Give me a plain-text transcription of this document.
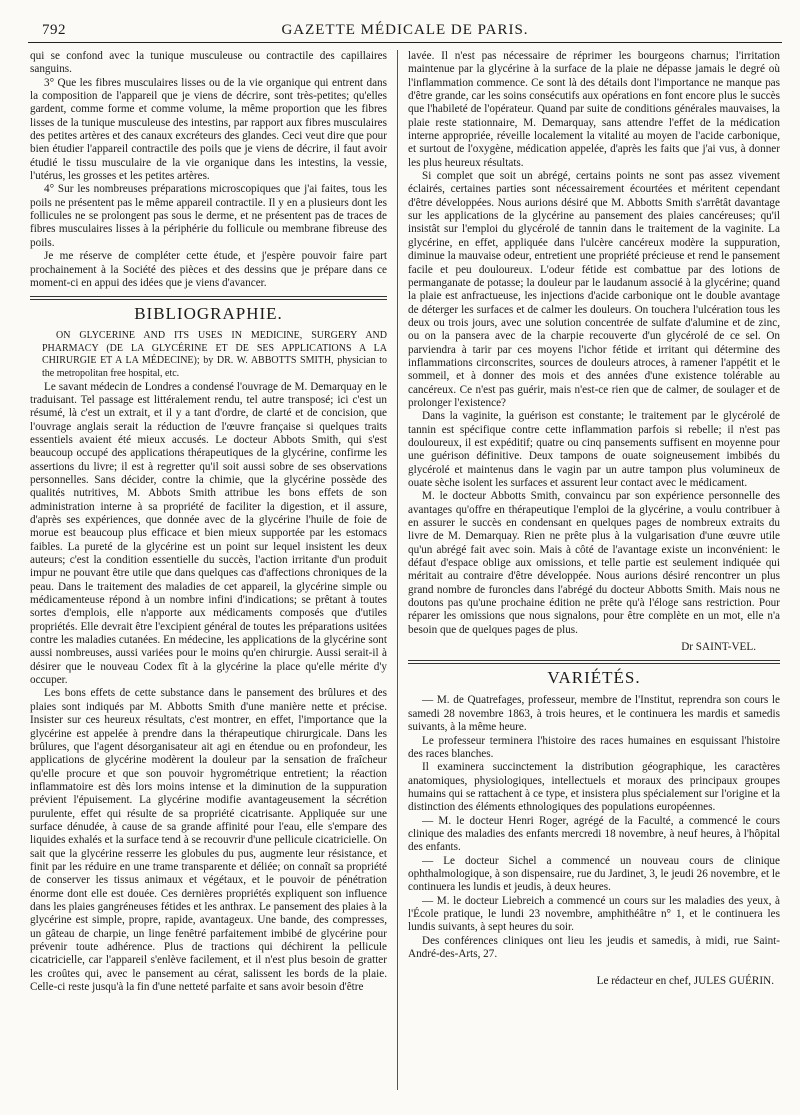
792	GAZETTE MÉDICALE DE PARIS.

qui se confond avec la tunique musculeuse ou contractile des capillaires sanguins.

3° Que les fibres musculaires lisses ou de la vie organique qui entrent dans la composition de l'appareil que je viens de décrire, sont très-petites; qu'elles gardent, comme forme et comme volume, la même proportion que les fibres lisses de la tunique musculeuse des intestins, par rapport aux fibres musculaires des petites artères et des canaux excréteurs des glandes. Ceci veut dire que pour bien étudier l'appareil contractile des poils que je viens de décrire, il faut avoir étudié le tissu musculaire de la vie organique dans les intestins, la vessie, l'utérus, les grosses et les petites artères.

4° Sur les nombreuses préparations microscopiques que j'ai faites, tous les poils ne présentent pas le même appareil contractile. Il y en a plusieurs dont les follicules ne se prolongent pas sous le derme, et ne présentent pas de traces de fibres musculaires lisses à la périphérie du follicule ou membrane fibreuse des poils.

Je me réserve de compléter cette étude, et j'espère pouvoir faire part prochainement à la Société des pièces et des dessins que je prépare dans ce moment-ci en appui des idées que je viens d'avancer.

BIBLIOGRAPHIE.

ON GLYCERINE AND ITS USES IN MEDICINE, SURGERY AND PHARMACY (DE LA GLYCÉRINE ET DE SES APPLICATIONS A LA CHIRURGIE ET A LA MÉDECINE); by DR. W. ABBOTTS SMITH, physician to the metropolitan free hospital, etc.

Le savant médecin de Londres a condensé l'ouvrage de M. Demarquay en le traduisant. Tel passage est littéralement rendu, tel autre transposé; ici c'est un résumé, là c'est un extrait, et il y a tant d'ordre, de clarté et de concision, que l'ouvrage anglais serait la réduction de l'œuvre française si quelques traits essentiels avaient été mieux accusés. Le docteur Abbots Smith, qui s'est beaucoup occupé des applications thérapeutiques de la glycérine, confirme les assertions du livre; il est à regretter qu'il soit aussi sobre de ses observations personnelles. Sans décider, contre la chimie, que la glycérine possède des qualités nutritives, M. Abbots Smith attribue les bons effets de son administration interne à sa propriété de faciliter la digestion, et il assure, d'après ses expériences, que donnée avec de la glycérine l'huile de foie de morue est beaucoup plus efficace et bien mieux supportée par les estomacs faibles. La pureté de la glycérine est un point sur lequel insistent les deux auteurs; c'est la condition essentielle du succès, l'action irritante d'un produit impur ne pouvant être utile que dans quelques cas d'affections chroniques de la peau. Dans le traitement des maladies de cet appareil, la glycérine simple ou médicamenteuse répond à un nombre infini d'indications; se prêtant à toutes sortes d'emplois, elle n'apporte aux médicaments composés que d'utiles propriétés. Elle devrait être l'excipient général de toutes les préparations usitées contre les maladies cutanées. En médecine, les applications de la glycérine sont aussi nombreuses, aussi variées pour le moins qu'en chirurgie. Aussi serait-il à désirer que le nouveau Codex fît à la glycérine la place qu'elle mérite d'y occuper.

Les bons effets de cette substance dans le pansement des brûlures et des plaies sont indiqués par M. Abbotts Smith d'une manière nette et précise. Insister sur ces heureux résultats, c'est montrer, en effet, l'importance que la glycérine est appelée à prendre dans la thérapeutique chirurgicale. Dans les brûlures, que l'agent désorganisateur ait agi en étendue ou en profondeur, les applications de glycérine modèrent la douleur par la sensation de fraîcheur qu'elle procure et que son pouvoir hygrométrique entretient; la réaction inflammatoire est dès lors moins intense et la diminution de la suppuration prévient l'épuisement. La glycérine modifie avantageusement la sécrétion purulente, effet qui résulte de sa propriété cicatrisante. Appliquée sur une surface dénudée, à cause de sa grande affinité pour l'eau, elle s'empare des liquides exhalés et la surface tend à se recouvrir d'une pellicule cicatricielle. On sait que la glycérine resserre les globules du pus, augmente leur résistance, et finit par les réduire en une trame transparente et déliée; on connaît sa propriété de conserver les tissus animaux et végétaux, et le pouvoir de pénétration énorme dont elle est douée. Ces dernières propriétés expliquent son influence dans les plaies gangréneuses fétides et les anthrax. Le pansement des plaies à la glycérine est simple, propre, rapide, avantageux. Une bande, des compresses, un gâteau de charpie, un linge fenêtré parfaitement imbibé de glycérine pour prévenir toute adhérence. Plus de tractions qui déchirent la pellicule cicatricielle, car l'appareil s'enlève facilement, et il n'est plus besoin de gratter les croûtes qui, avec le pansement au cérat, salissent les bords de la plaie. Celle-ci reste jusqu'à la fin d'une netteté parfaite et sans avoir besoin d'être

lavée. Il n'est pas nécessaire de réprimer les bourgeons charnus; l'irritation maintenue par la glycérine à la surface de la plaie ne dépasse jamais le degré où l'inflammation commence. Ce sont là des détails dont l'importance ne manque pas d'être grande, car les soins consécutifs aux opérations en font encore plus le succès que l'habileté de l'opérateur. Quand par suite de conditions générales mauvaises, la plaie reste stationnaire, M. Demarquay, sans attendre l'effet de la médication interne appropriée, réveille localement la vitalité au moyen de l'acide carbonique, et surtout de l'oxygène, médication appelée, d'après les faits que j'ai vus, à donner les plus heureux résultats.

Si complet que soit un abrégé, certains points ne sont pas assez vivement éclairés, certaines parties sont nécessairement écourtées et méritent cependant d'être développées. Nous aurions désiré que M. Abbotts Smith s'arrêtât davantage sur les applications de la glycérine au pansement des plaies cancéreuses; qu'il insistât sur l'emploi du glycérolé de tannin dans le traitement de la vaginite. La glycérine, en effet, appliquée dans l'ulcère cancéreux modère la suppuration, diminue la mauvaise odeur, entretient une propriété précieuse et rend le pansement facile et peu douloureux. L'odeur fétide est combattue par des lotions de permanganate de potasse; la douleur par le laudanum associé à la glycérine; quand la plaie est anfractueuse, les injections d'acide carbonique ont le double avantage de déterger les surfaces et de calmer les douleurs. On touchera l'ulcération tous les deux ou trois jours, avec une solution concentrée de sulfate d'alumine et de zinc, ou on la pansera avec de la charpie recouverte d'un glycérolé de ce sel. On parviendra à tarir par ces moyens l'ichor fétide et irritant qui détermine des inflammations circonscrites, sources de douleurs atroces, à ramener l'appétit et le sommeil, et à donner des mois et des années d'une existence tolérable au cancéreux. Ce n'est pas guérir, mais n'est-ce rien que de calmer, de soulager et de prolonger l'existence?

Dans la vaginite, la guérison est constante; le traitement par le glycérolé de tannin est spécifique contre cette inflammation parfois si rebelle; il n'est pas douloureux, il est expéditif; quatre ou cinq pansements suffisent en moyenne pour une guérison définitive. Deux tampons de ouate soigneusement imbibés du glycérolé et maintenus dans le vagin par un autre tampon plus volumineux de ouate sèche isolent les surfaces et assurent leur contact avec le médicament.

M. le docteur Abbotts Smith, convaincu par son expérience personnelle des avantages qu'offre en thérapeutique l'emploi de la glycérine, a voulu contribuer à en assurer le succès en condensant en quelques pages de nombreux extraits du livre de M. Demarquay. Rien ne prête plus à la vulgarisation d'une œuvre utile qu'un abrégé fait avec soin. Mais à côté de l'avantage existe un inconvénient: le défaut d'espace oblige aux omissions, et telle partie est seulement indiquée qui méritait au contraire d'être développée. Nous aurions désiré rencontrer un plus grand nombre de furoncles dans l'abrégé du docteur Abbotts Smith. Mais nous ne doutons pas qu'une prochaine édition ne prête qu'à l'éloge sans restriction. Pour réparer les omissions que nous signalons, pour être complète en un mot, elle n'a besoin que de quelques pages de plus.

Dr SAINT-VEL.
VARIÉTÉS.

— M. de Quatrefages, professeur, membre de l'Institut, reprendra son cours le samedi 28 novembre 1863, à trois heures, et le continuera les mardis et samedis suivants, à la même heure.

Le professeur terminera l'histoire des races humaines en esquissant l'histoire des races blanches.

Il examinera succinctement la distribution géographique, les caractères anatomiques, physiologiques, intellectuels et moraux des principaux groupes humains qui se rattachent à ce type, et insistera plus spécialement sur l'origine et la distinction des éléments ethnologiques des populations européennes.

— M. le docteur Henri Roger, agrégé de la Faculté, a commencé le cours clinique des maladies des enfants mercredi 18 novembre, à neuf heures, à l'hôpital des enfants.

— Le docteur Sichel a commencé un nouveau cours de clinique ophthalmologique, à son dispensaire, rue du Jardinet, 3, le jeudi 26 novembre, et le continuera les lundis et jeudis, à deux heures.

— M. le docteur Liebreich a commencé un cours sur les maladies des yeux, à l'École pratique, le lundi 23 novembre, amphithéâtre n° 1, et le continuera les lundis suivants, à sept heures du soir.

Des conférences cliniques ont lieu les jeudis et samedis, à midi, rue Saint-André-des-Arts, 27.

Le rédacteur en chef, JULES GUÉRIN.
